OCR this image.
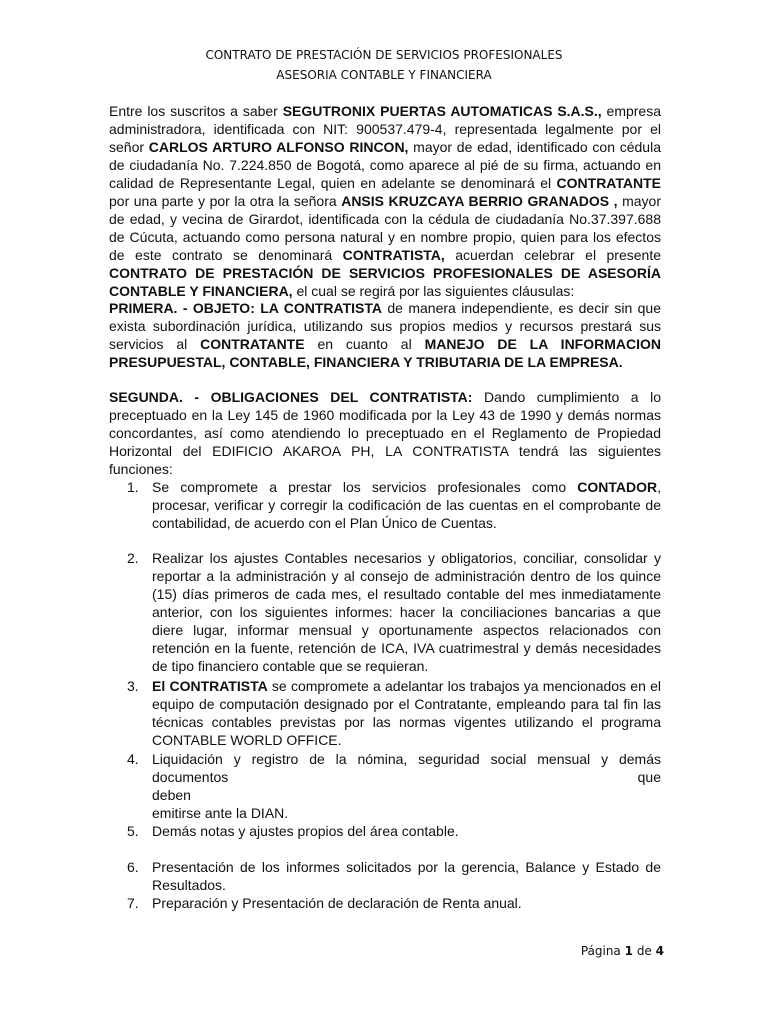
CONTRATO DE PRESTACIÓN DE SERVICIOS PROFESIONALES
ASESORIA CONTABLE Y FINANCIERA
Entre los suscritos a saber SEGUTRONIX PUERTAS AUTOMATICAS S.A.S., empresa administradora, identificada con NIT: 900537.479-4, representada legalmente por el señor CARLOS ARTURO ALFONSO RINCON, mayor de edad, identificado con cédula de ciudadanía No. 7.224.850 de Bogotá, como aparece al pié de su firma, actuando en calidad de Representante Legal, quien en adelante se denominará el CONTRATANTE por una parte y por la otra la señora ANSIS KRUZCAYA BERRIO GRANADOS , mayor de edad, y vecina de Girardot, identificada con la cédula de ciudadanía No.37.397.688 de Cúcuta, actuando como persona natural y en nombre propio, quien para los efectos de este contrato se denominará CONTRATISTA, acuerdan celebrar el presente CONTRATO DE PRESTACIÓN DE SERVICIOS PROFESIONALES DE ASESORÍA CONTABLE Y FINANCIERA, el cual se regirá por las siguientes cláusulas:
PRIMERA. - OBJETO: LA CONTRATISTA de manera independiente, es decir sin que exista subordinación jurídica, utilizando sus propios medios y recursos prestará sus servicios al CONTRATANTE en cuanto al MANEJO DE LA INFORMACION PRESUPUESTAL, CONTABLE, FINANCIERA Y TRIBUTARIA DE LA EMPRESA.
SEGUNDA. - OBLIGACIONES DEL CONTRATISTA: Dando cumplimiento a lo preceptuado en la Ley 145 de 1960 modificada por la Ley 43 de 1990 y demás normas concordantes, así como atendiendo lo preceptuado en el Reglamento de Propiedad Horizontal del EDIFICIO AKAROA PH, LA CONTRATISTA tendrá las siguientes funciones:
1. Se compromete a prestar los servicios profesionales como CONTADOR, procesar, verificar y corregir la codificación de las cuentas en el comprobante de contabilidad, de acuerdo con el Plan Único de Cuentas.
2. Realizar los ajustes Contables necesarios y obligatorios, conciliar, consolidar y reportar a la administración y al consejo de administración dentro de los quince (15) días primeros de cada mes, el resultado contable del mes inmediatamente anterior, con los siguientes informes: hacer la conciliaciones bancarias a que diere lugar, informar mensual y oportunamente aspectos relacionados con retención en la fuente, retención de ICA, IVA cuatrimestral y demás necesidades de tipo financiero contable que se requieran.
3. El CONTRATISTA se compromete a adelantar los trabajos ya mencionados en el equipo de computación designado por el Contratante, empleando para tal fin las técnicas contables previstas por las normas vigentes utilizando el programa CONTABLE WORLD OFFICE.
4. Liquidación y registro de la nómina, seguridad social mensual y demás documentos que
deben
emitirse ante la DIAN.
5. Demás notas y ajustes propios del área contable.
6. Presentación de los informes solicitados por la gerencia, Balance y Estado de Resultados.
7. Preparación y Presentación de declaración de Renta anual.
Página 1 de 4
